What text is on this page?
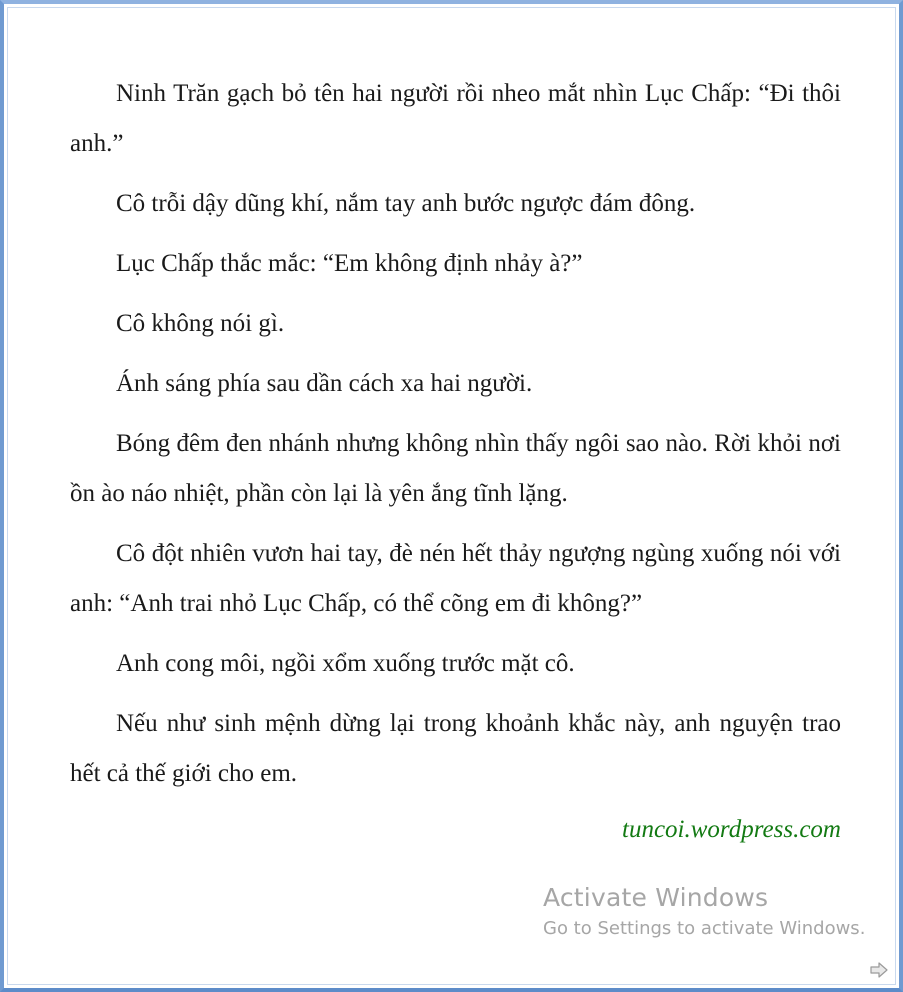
Ninh Trăn gạch bỏ tên hai người rồi nheo mắt nhìn Lục Chấp: “Đi thôi anh.”

Cô trỗi dậy dũng khí, nắm tay anh bước ngược đám đông.

Lục Chấp thắc mắc: “Em không định nhảy à?”

Cô không nói gì.

Ánh sáng phía sau dần cách xa hai người.

Bóng đêm đen nhánh nhưng không nhìn thấy ngôi sao nào. Rời khỏi nơi ồn ào náo nhiệt, phần còn lại là yên ắng tĩnh lặng.

Cô đột nhiên vươn hai tay, đè nén hết thảy ngượng ngùng xuống nói với anh: “Anh trai nhỏ Lục Chấp, có thể cõng em đi không?”

Anh cong môi, ngồi xổm xuống trước mặt cô.

Nếu như sinh mệnh dừng lại trong khoảnh khắc này, anh nguyện trao hết cả thế giới cho em.

tuncoi.wordpress.com

Activate Windows
Go to Settings to activate Windows.
